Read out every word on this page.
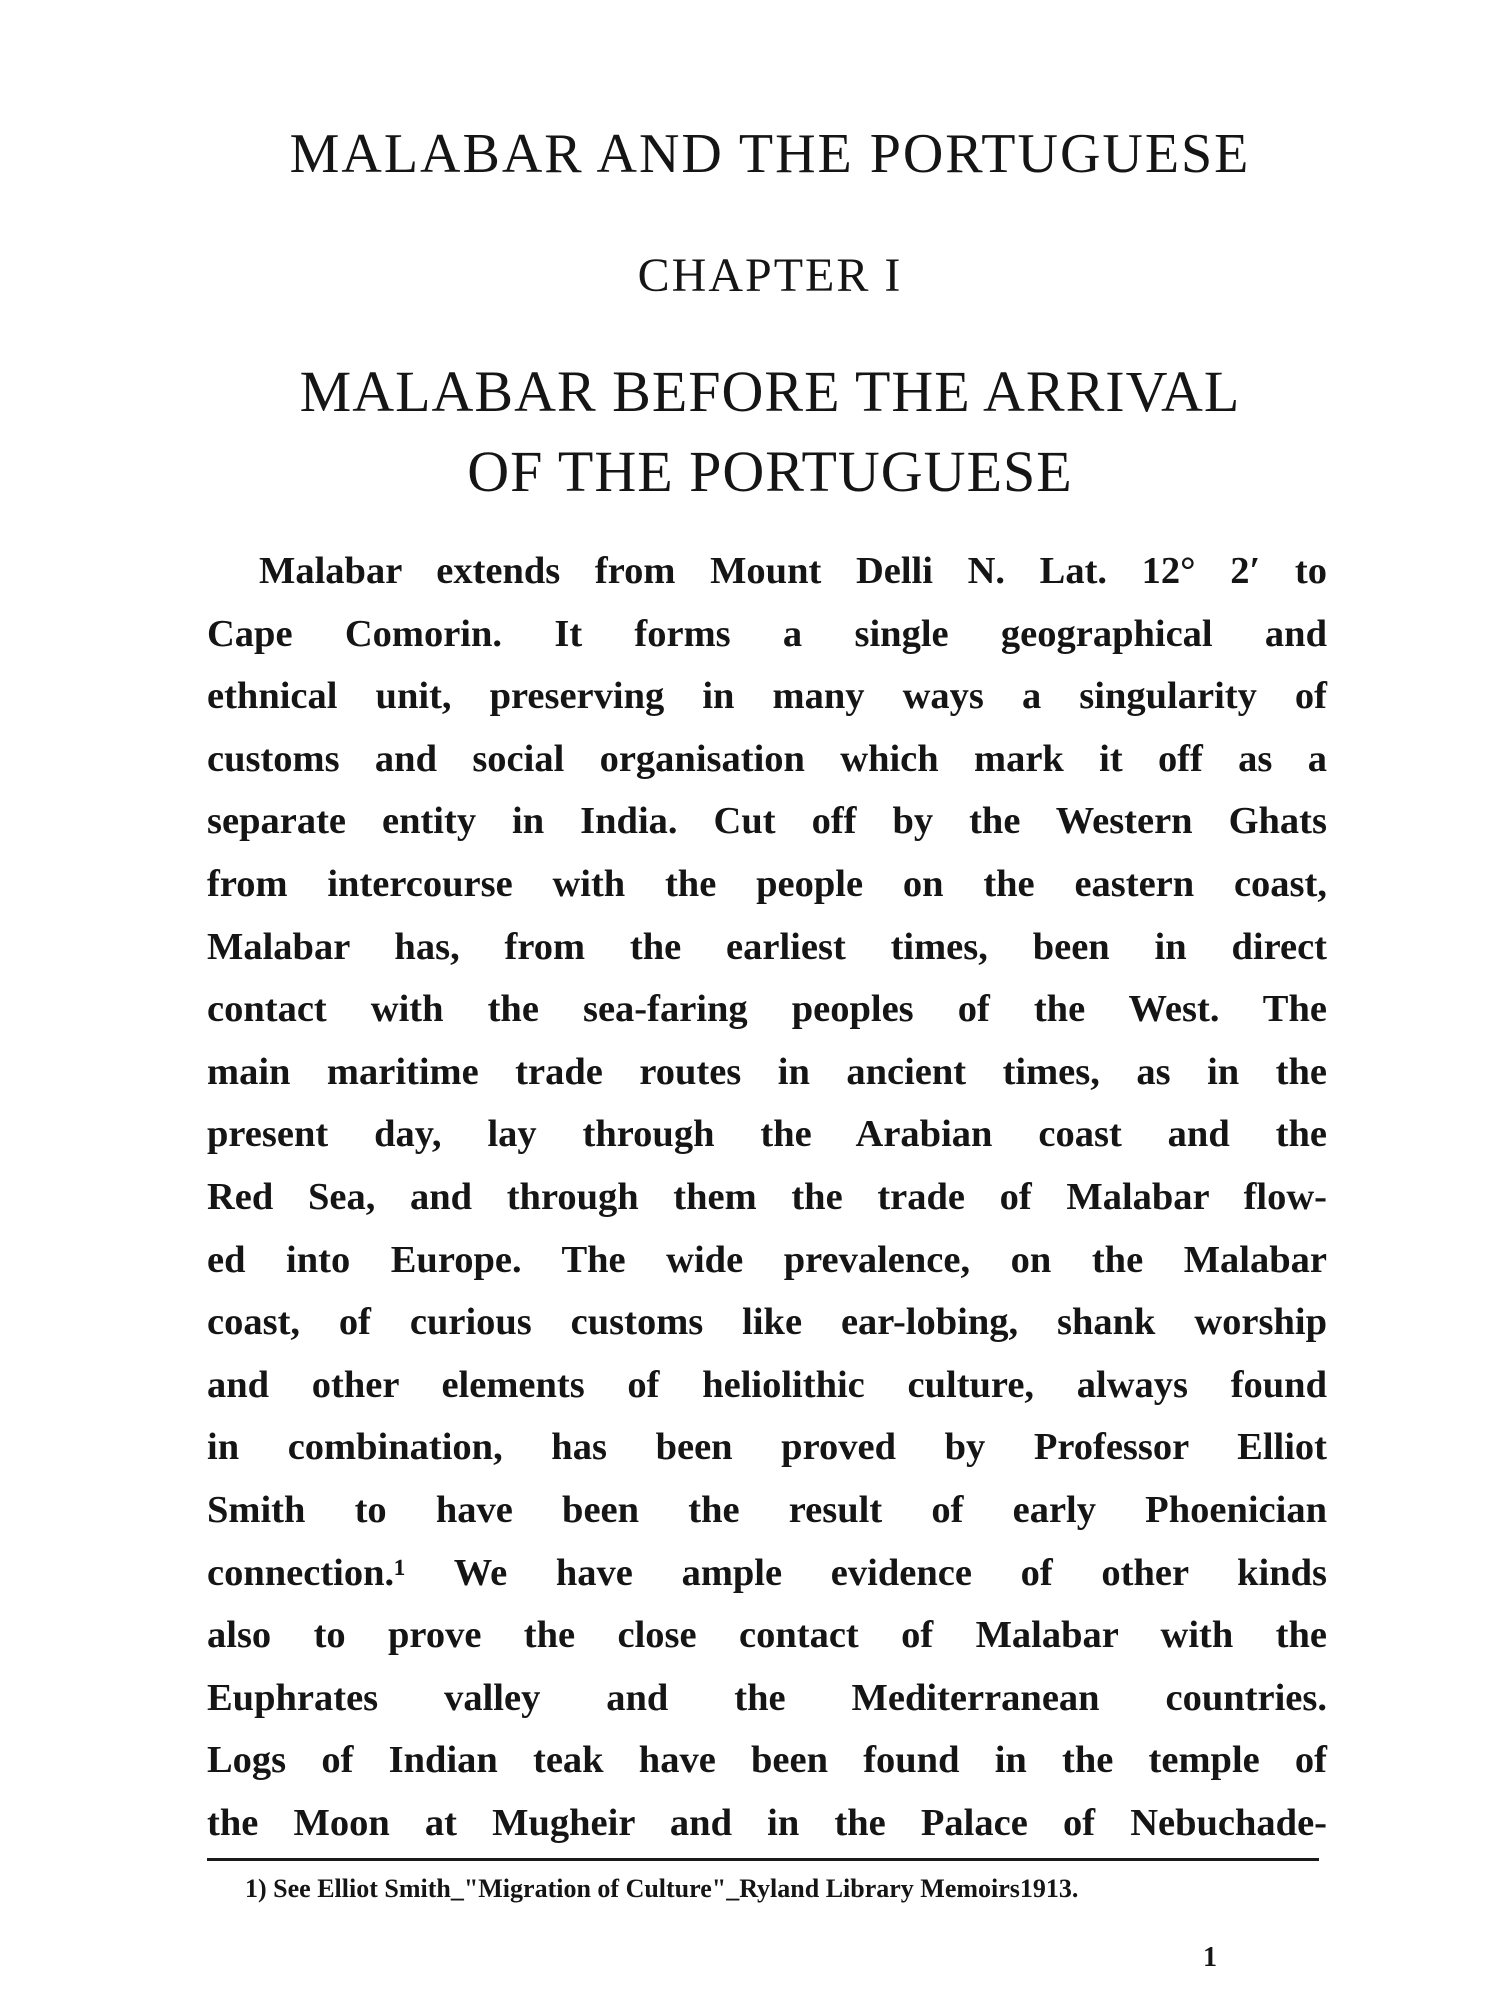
MALABAR AND THE PORTUGUESE
CHAPTER I
MALABAR BEFORE THE ARRIVAL
OF THE PORTUGUESE

Malabar extends from Mount Delli N. Lat. 12° 2′ to
Cape Comorin. It forms a single geographical and
ethnical unit, preserving in many ways a singularity of
customs and social organisation which mark it off as a
separate entity in India. Cut off by the Western Ghats
from intercourse with the people on the eastern coast,
Malabar has, from the earliest times, been in direct
contact with the sea-faring peoples of the West. The
main maritime trade routes in ancient times, as in the
present day, lay through the Arabian coast and the
Red Sea, and through them the trade of Malabar flow-
ed into Europe. The wide prevalence, on the Malabar
coast, of curious customs like ear-lobing, shank worship
and other elements of heliolithic culture, always found
in combination, has been proved by Professor Elliot
Smith to have been the result of early Phoenician
connection.¹ We have ample evidence of other kinds
also to prove the close contact of Malabar with the
Euphrates valley and the Mediterranean countries.
Logs of Indian teak have been found in the temple of
the Moon at Mugheir and in the Palace of Nebuchade-

1) See Elliot Smith_"Migration of Culture"_Ryland Library Memoirs1913.
1
